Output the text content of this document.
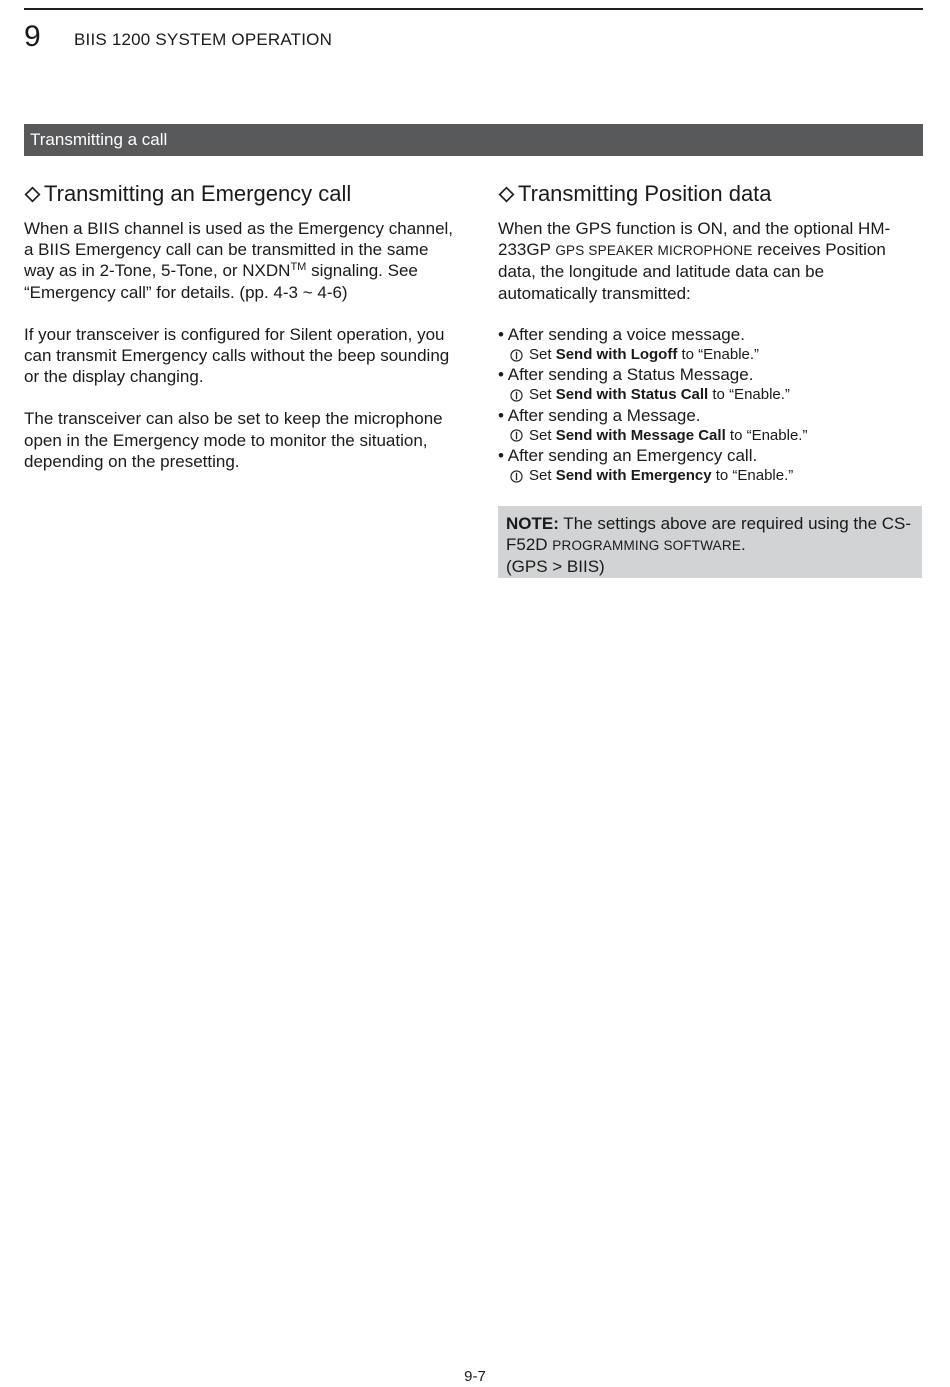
9 BIIS 1200 SYSTEM OPERATION
Transmitting a call
Transmitting an Emergency call

When a BIIS channel is used as the Emergency channel, a BIIS Emergency call can be transmitted in the same way as in 2-Tone, 5-Tone, or NXDN™ signaling. See “Emergency call” for details. (pp. 4-3 ~ 4-6)

If your transceiver is configured for Silent operation, you can transmit Emergency calls without the beep sounding or the display changing.

The transceiver can also be set to keep the microphone open in the Emergency mode to monitor the situation, depending on the presetting.

Transmitting Position data

When the GPS function is ON, and the optional HM-233GP GPS SPEAKER MICROPHONE receives Position data, the longitude and latitude data can be automatically transmitted:

• After sending a voice message.
Set Send with Logoff to “Enable.”
• After sending a Status Message.
Set Send with Status Call to “Enable.”
• After sending a Message.
Set Send with Message Call to “Enable.”
• After sending an Emergency call.
Set Send with Emergency to “Enable.”
NOTE: The settings above are required using the CS-F52D PROGRAMMING SOFTWARE.
(GPS > BIIS)
9-7
